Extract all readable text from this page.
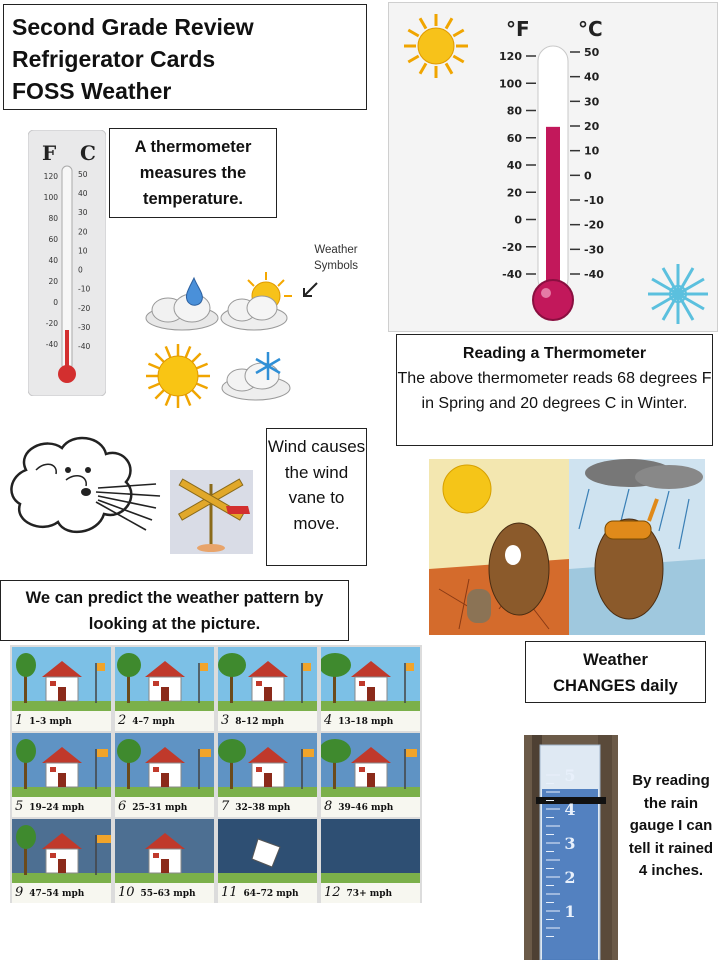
Second Grade Review
Refrigerator Cards
FOSS Weather
F C
120
100
80
60
40
20
0
-20
-40
50
40
30
20
10
0
-10
-20
-30
-40
A thermometer measures the temperature.
Weather
Symbols
°F °C
120
100
80
60
40
20
0
-20
-40
50
40
30
20
10
0
-10
-20
-30
-40
Reading a Thermometer
The above thermometer reads 68 degrees F in Spring and 20 degrees C in Winter.
Wind causes the wind vane to move.
We can predict the weather pattern by looking at the picture.
Weather
CHANGES daily
1 1–3 mph	2 4–7 mph	3 8–12 mph	4 13–18 mph
5 19–24 mph	6 25–31 mph	7 32–38 mph	8 39–46 mph
9 47–54 mph	10 55–63 mph	11 64–72 mph	12 73+ mph
5
4
3
2
1
By reading the rain gauge I can tell it rained 4 inches.
